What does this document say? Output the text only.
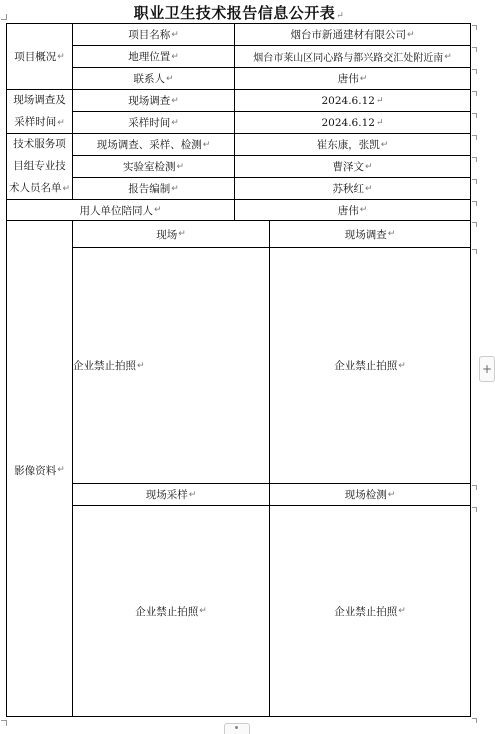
职业卫生技术报告信息公开表↵
项目概况 ↵
项目名称 ↵	烟台市新通建材有限公司 ↵
地理位置 ↵	烟台市莱山区同心路与都兴路交汇处附近南 ↵
联系人 ↵	唐伟 ↵
现场调查及
采样时间↵
现场调查 ↵	2024.6.12 ↵
采样时间 ↵	2024.6.12 ↵
技术服务项
目组专业技
术人员名单↵
现场调查、采样、检测 ↵	崔东康，张凯 ↵
实验室检测 ↵	曹泽文 ↵
报告编制 ↵	苏秋红 ↵
用人单位陪同人 ↵	唐伟 ↵
影像资料 ↵
现场 ↵	现场调查 ↵
企业禁止拍照 ↵	企业禁止拍照 ↵
现场采样 ↵	现场检测 ↵
企业禁止拍照 ↵	企业禁止拍照 ↵
+
